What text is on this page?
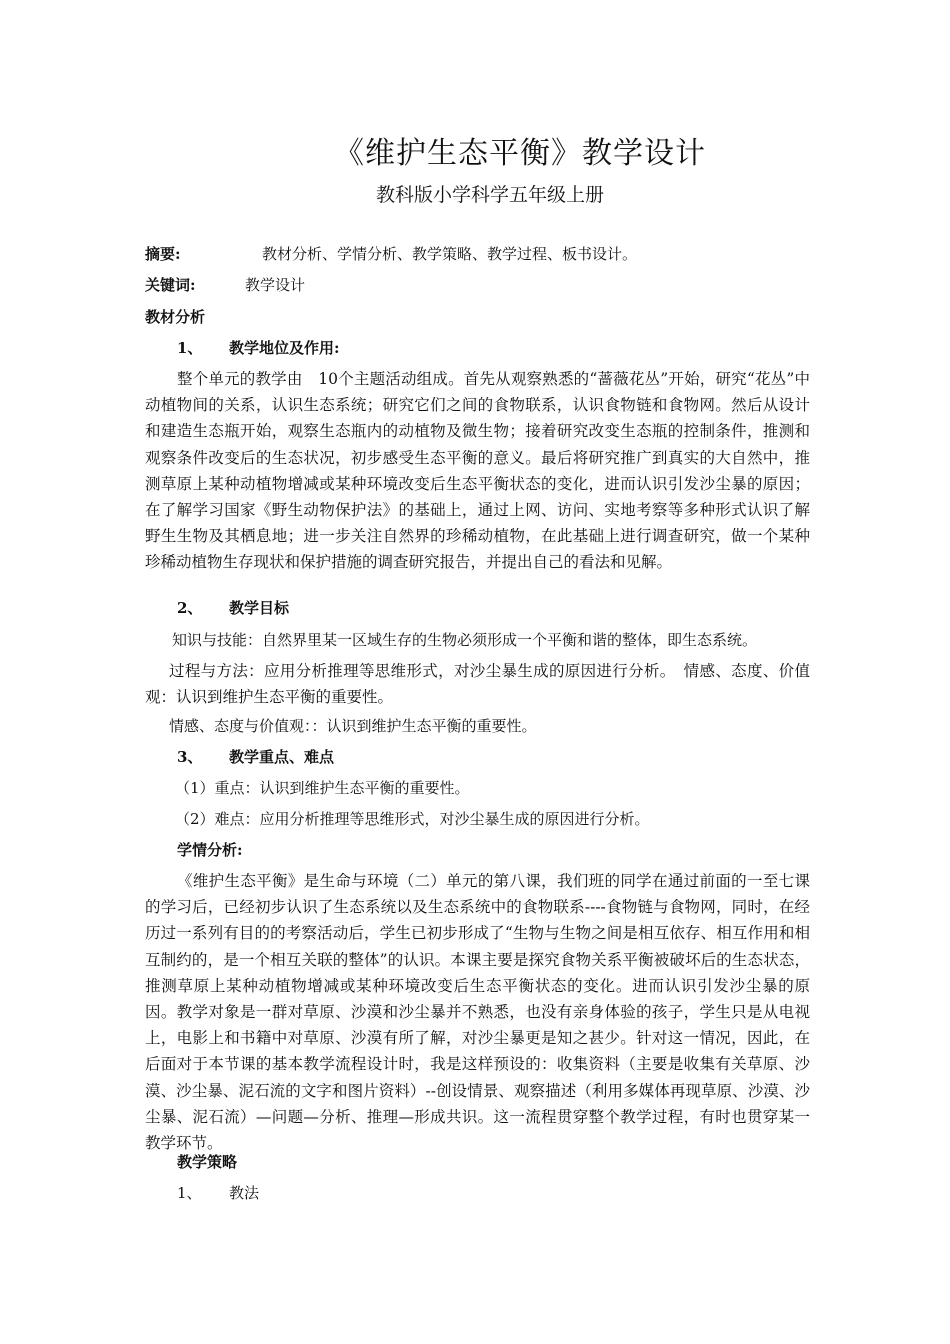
《维护生态平衡》教学设计
教科版小学科学五年级上册
摘要:	教材分析、学情分析、教学策略、教学过程、板书设计。
关键词:	教学设计
教材分析
1、 教学地位及作用:
整个单元的教学由　10个主题活动组成。首先从观察熟悉的“蔷薇花丛”开始，研究“花丛”中动植物间的关系，认识生态系统；研究它们之间的食物联系，认识食物链和食物网。然后从设计和建造生态瓶开始，观察生态瓶内的动植物及微生物；接着研究改变生态瓶的控制条件，推测和观察条件改变后的生态状况，初步感受生态平衡的意义。最后将研究推广到真实的大自然中，推测草原上某种动植物增减或某种环境改变后生态平衡状态的变化，进而认识引发沙尘暴的原因；在了解学习国家《野生动物保护法》的基础上，通过上网、访问、实地考察等多种形式认识了解野生生物及其栖息地；进一步关注自然界的珍稀动植物，在此基础上进行调查研究，做一个某种珍稀动植物生存现状和保护措施的调查研究报告，并提出自己的看法和见解。
2、 教学目标
知识与技能：自然界里某一区域生存的生物必须形成一个平衡和谐的整体，即生态系统。
过程与方法：应用分析推理等思维形式，对沙尘暴生成的原因进行分析。　情感、态度、价值观：认识到维护生态平衡的重要性。
情感、态度与价值观：：认识到维护生态平衡的重要性。
3、 教学重点、难点
（1）重点：认识到维护生态平衡的重要性。
（2）难点：应用分析推理等思维形式，对沙尘暴生成的原因进行分析。
学情分析:
《维护生态平衡》是生命与环境（二）单元的第八课，我们班的同学在通过前面的一至七课的学习后，已经初步认识了生态系统以及生态系统中的食物联系----食物链与食物网，同时，在经历过一系列有目的的考察活动后，学生已初步形成了“生物与生物之间是相互依存、相互作用和相互制约的，是一个相互关联的整体”的认识。本课主要是探究食物关系平衡被破坏后的生态状态，推测草原上某种动植物增减或某种环境改变后生态平衡状态的变化。进而认识引发沙尘暴的原因。教学对象是一群对草原、沙漠和沙尘暴并不熟悉，也没有亲身体验的孩子，学生只是从电视上，电影上和书籍中对草原、沙漠有所了解，对沙尘暴更是知之甚少。针对这一情况，因此，在后面对于本节课的基本教学流程设计时，我是这样预设的：收集资料（主要是收集有关草原、沙漠、沙尘暴、泥石流的文字和图片资料）--创设情景、观察描述（利用多媒体再现草原、沙漠、沙尘暴、泥石流）—问题—分析、推理—形成共识。这一流程贯穿整个教学过程，有时也贯穿某一教学环节。
教学策略
1、 教法
